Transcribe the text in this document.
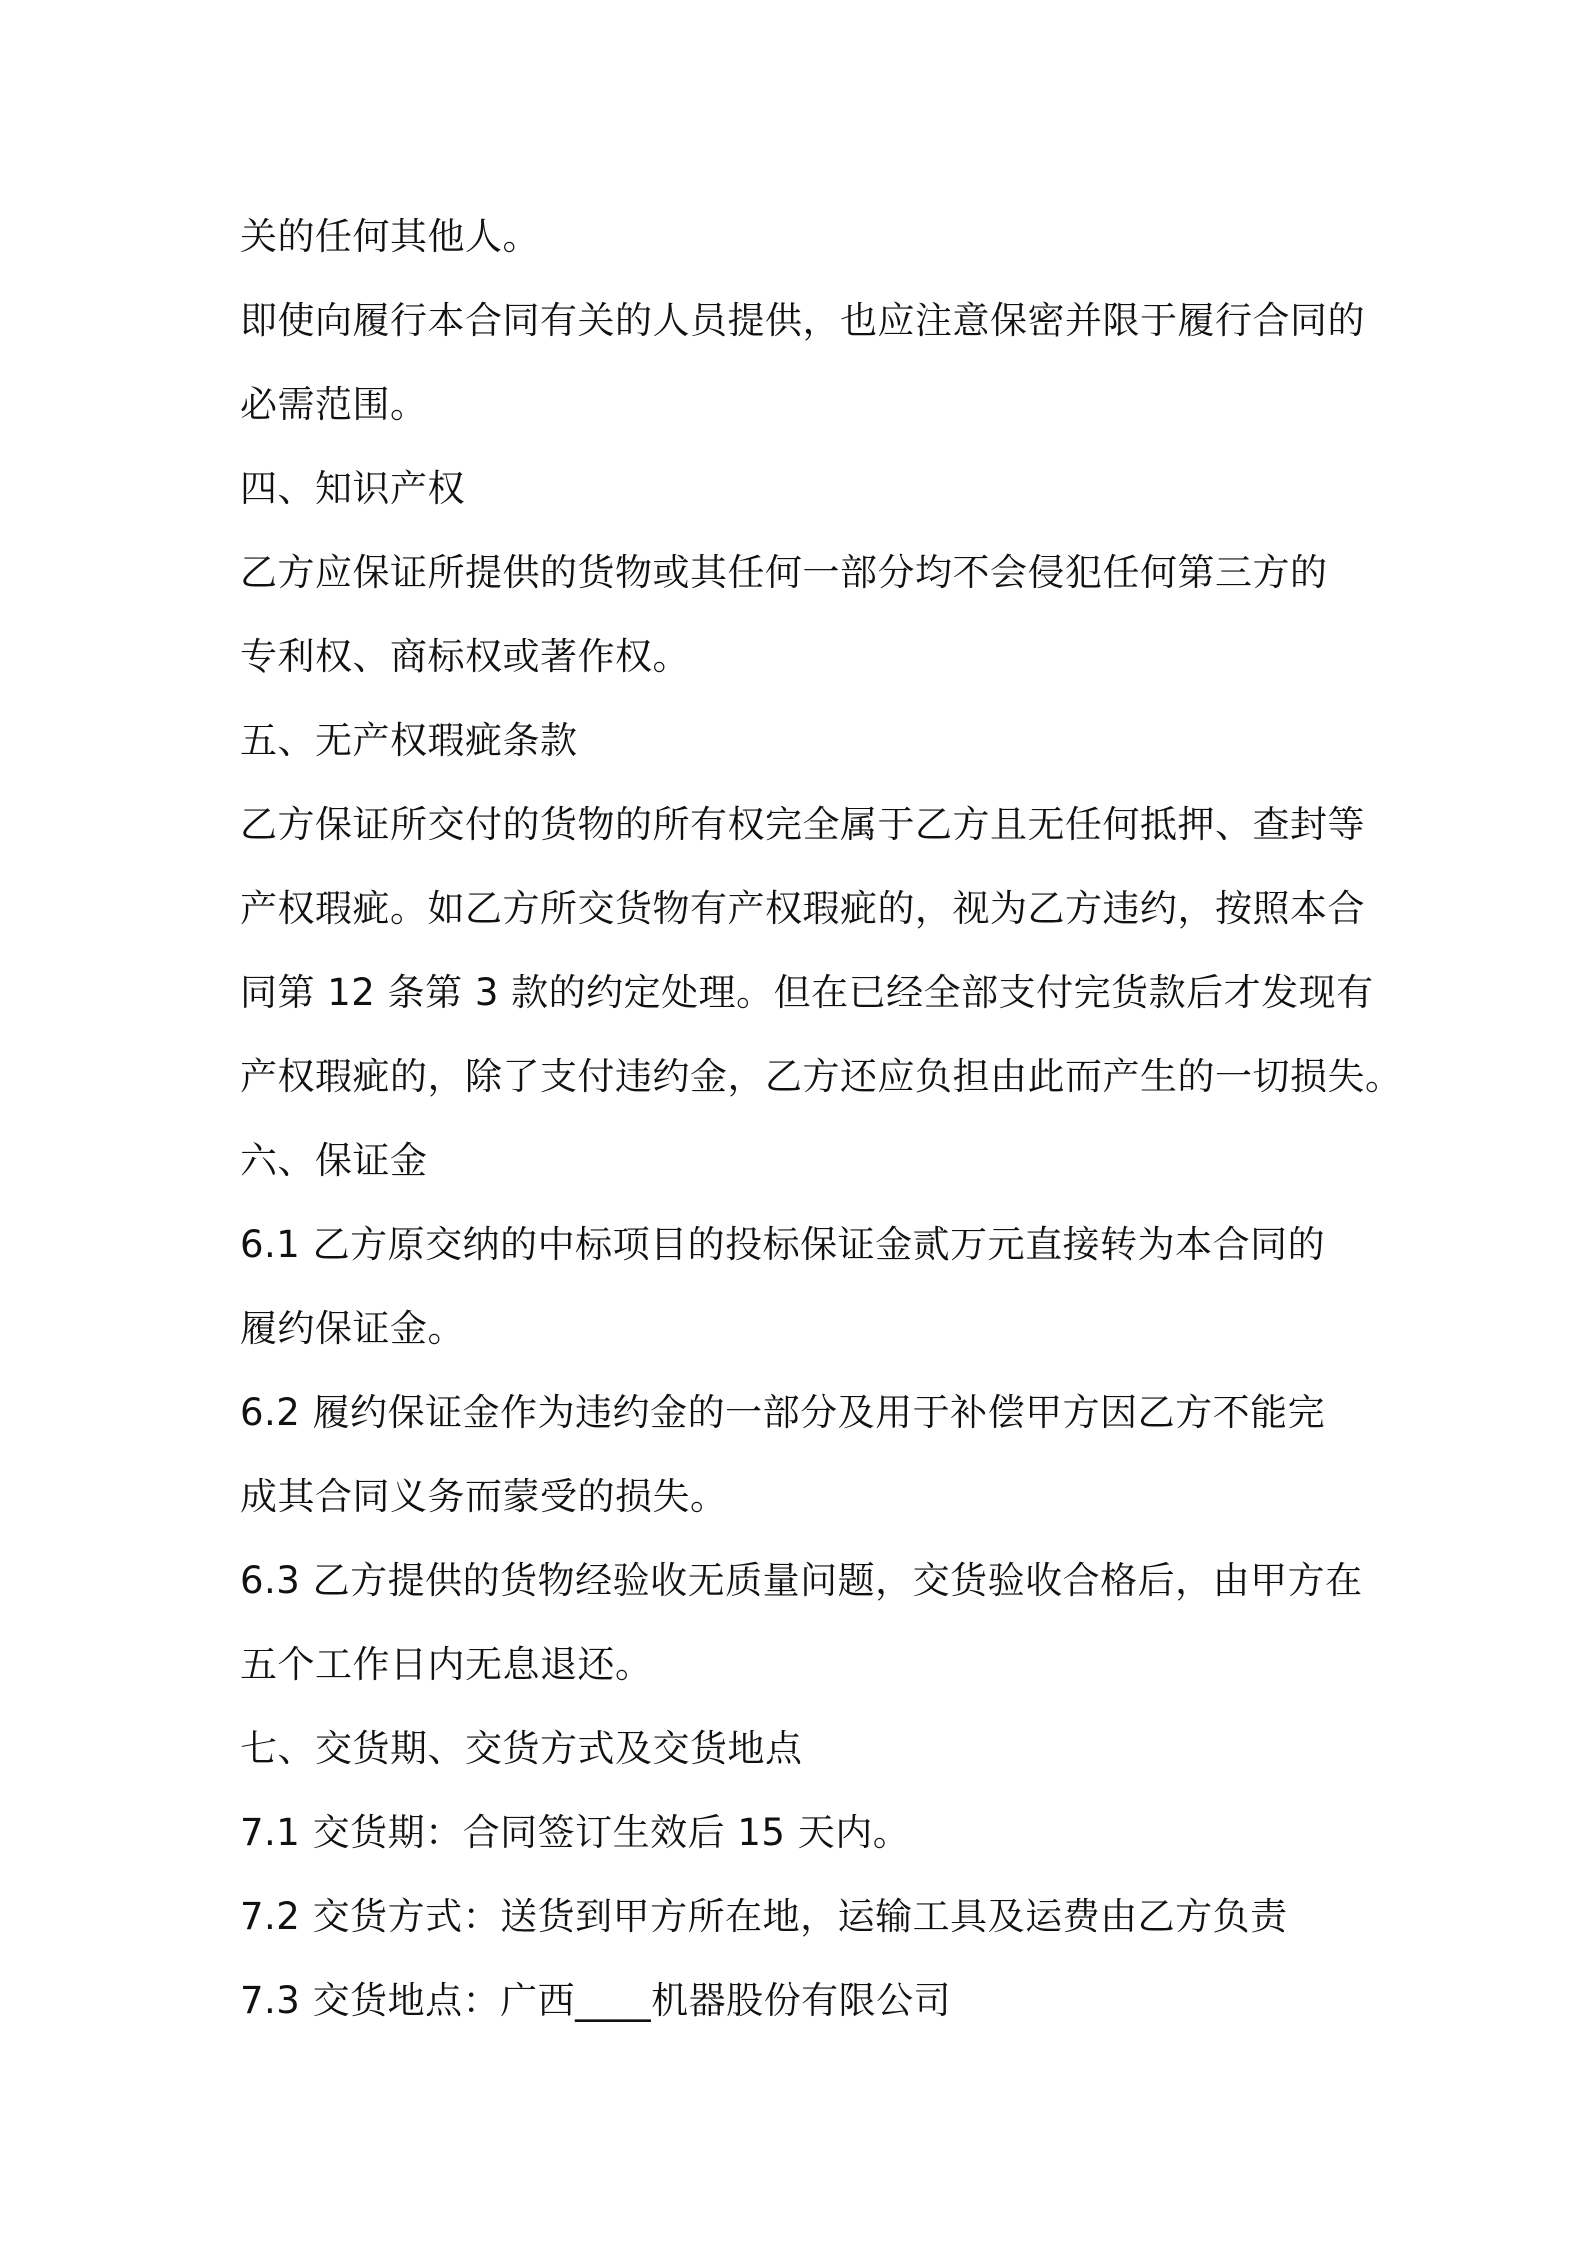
关的任何其他人。
即使向履行本合同有关的人员提供，也应注意保密并限于履行合同的
必需范围。
四、知识产权
乙方应保证所提供的货物或其任何一部分均不会侵犯任何第三方的
专利权、商标权或著作权。
五、无产权瑕疵条款
乙方保证所交付的货物的所有权完全属于乙方且无任何抵押、查封等
产权瑕疵。如乙方所交货物有产权瑕疵的，视为乙方违约，按照本合
同第 12 条第 3 款的约定处理。但在已经全部支付完货款后才发现有
产权瑕疵的，除了支付违约金，乙方还应负担由此而产生的一切损失。
六、保证金
6.1 乙方原交纳的中标项目的投标保证金贰万元直接转为本合同的
履约保证金。
6.2 履约保证金作为违约金的一部分及用于补偿甲方因乙方不能完
成其合同义务而蒙受的损失。
6.3 乙方提供的货物经验收无质量问题，交货验收合格后，由甲方在
五个工作日内无息退还。
七、交货期、交货方式及交货地点
7.1 交货期：合同签订生效后 15 天内。
7.2 交货方式：送货到甲方所在地，运输工具及运费由乙方负责
7.3 交货地点：广西____机器股份有限公司
